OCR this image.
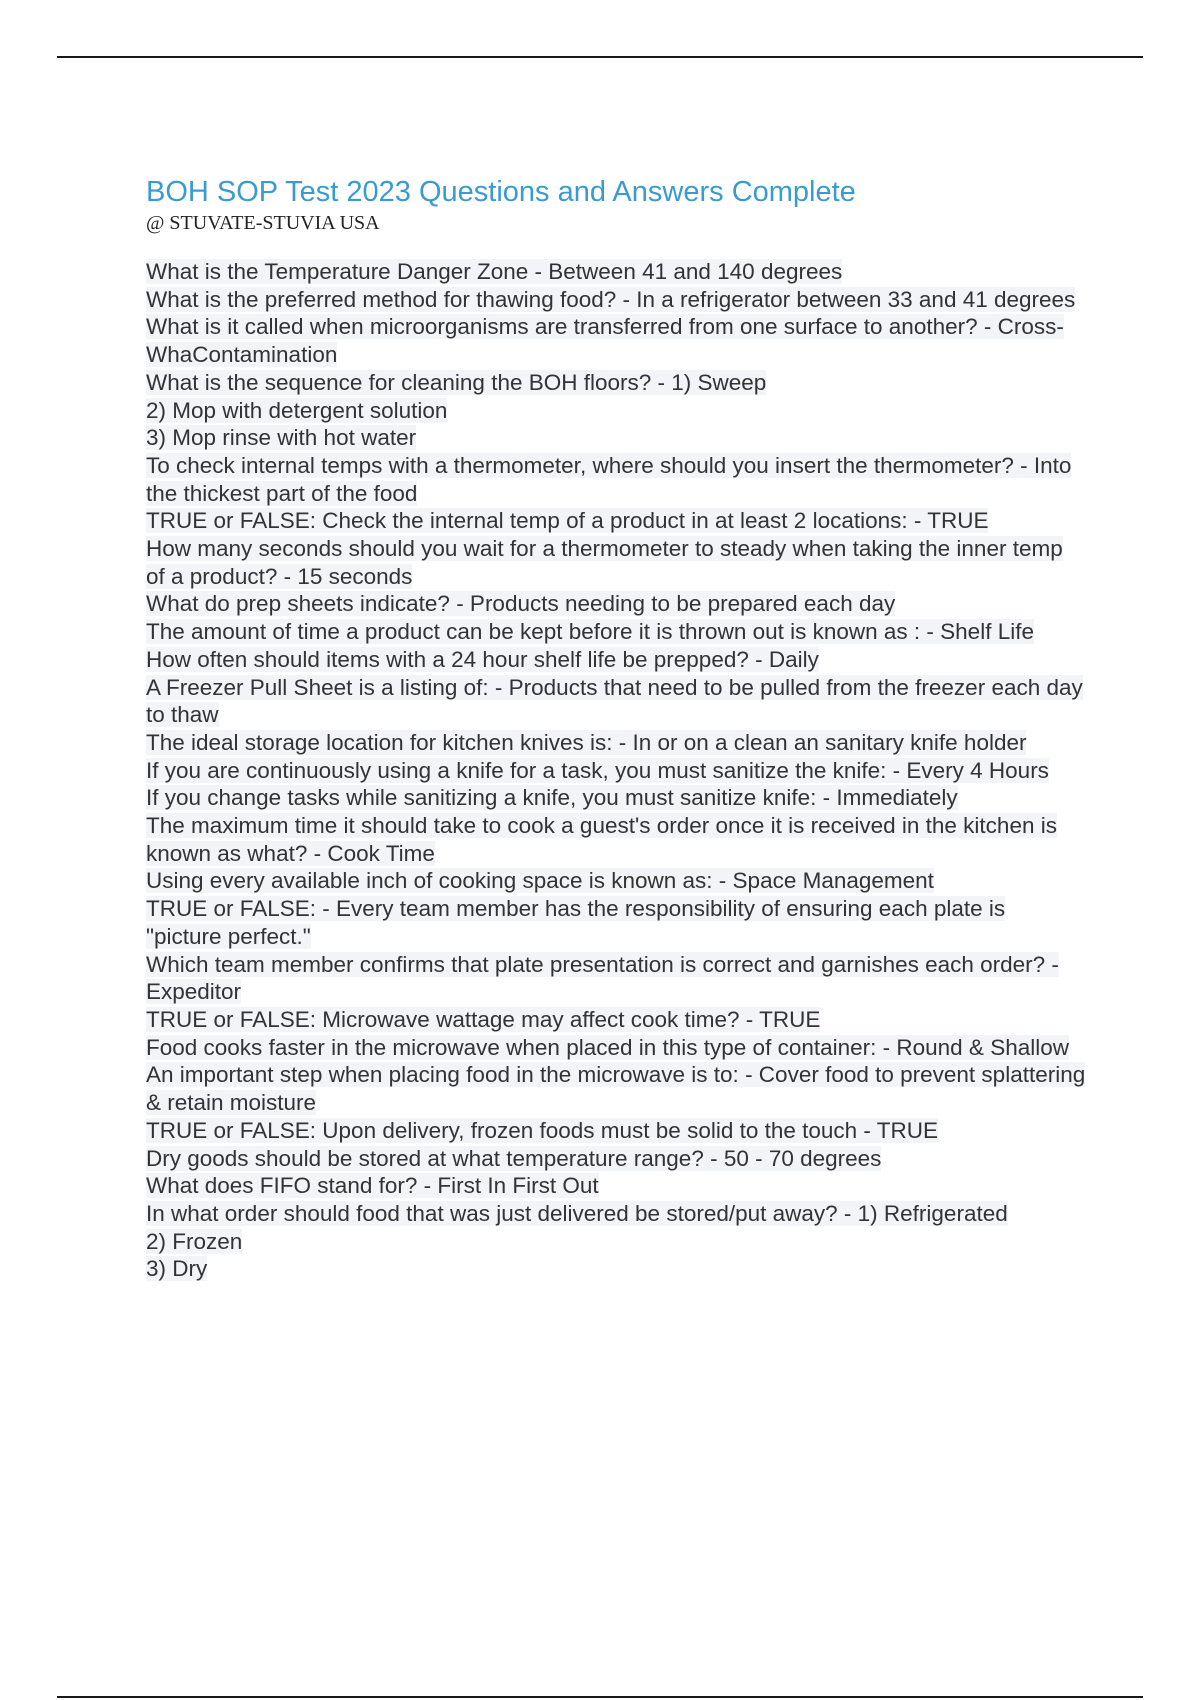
BOH SOP Test 2023 Questions and Answers Complete
@ STUVATE-STUVIA USA
What is the Temperature Danger Zone - Between 41 and 140 degrees
What is the preferred method for thawing food? - In a refrigerator between 33 and 41 degrees
What is it called when microorganisms are transferred from one surface to another? - Cross-WhaContamination
What is the sequence for cleaning the BOH floors? - 1) Sweep
2) Mop with detergent solution
3) Mop rinse with hot water
To check internal temps with a thermometer, where should you insert the thermometer? - Into the thickest part of the food
TRUE or FALSE: Check the internal temp of a product in at least 2 locations: - TRUE
How many seconds should you wait for a thermometer to steady when taking the inner temp of a product? - 15 seconds
What do prep sheets indicate? - Products needing to be prepared each day
The amount of time a product can be kept before it is thrown out is known as : - Shelf Life
How often should items with a 24 hour shelf life be prepped? - Daily
A Freezer Pull Sheet is a listing of: - Products that need to be pulled from the freezer each day to thaw
The ideal storage location for kitchen knives is: - In or on a clean an sanitary knife holder
If you are continuously using a knife for a task, you must sanitize the knife: - Every 4 Hours
If you change tasks while sanitizing a knife, you must sanitize knife: - Immediately
The maximum time it should take to cook a guest's order once it is received in the kitchen is known as what? - Cook Time
Using every available inch of cooking space is known as: - Space Management
TRUE or FALSE: - Every team member has the responsibility of ensuring each plate is "picture perfect."
Which team member confirms that plate presentation is correct and garnishes each order? - Expeditor
TRUE or FALSE: Microwave wattage may affect cook time? - TRUE
Food cooks faster in the microwave when placed in this type of container: - Round & Shallow
An important step when placing food in the microwave is to: - Cover food to prevent splattering & retain moisture
TRUE or FALSE: Upon delivery, frozen foods must be solid to the touch - TRUE
Dry goods should be stored at what temperature range? - 50 - 70 degrees
What does FIFO stand for? - First In First Out
In what order should food that was just delivered be stored/put away? - 1) Refrigerated
2) Frozen
3) Dry
